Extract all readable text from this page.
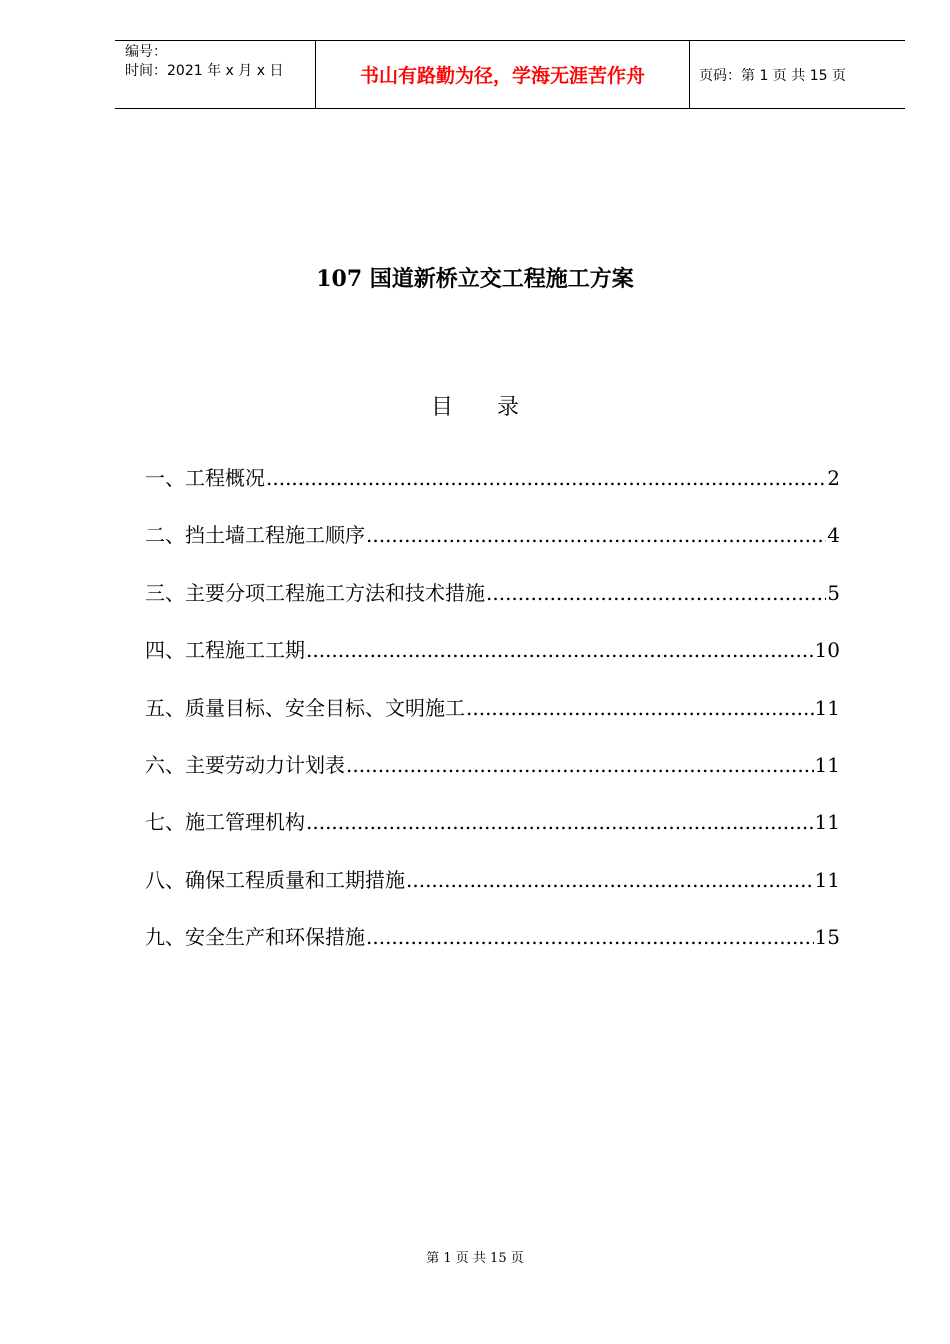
编号：
时间：2021 年 x 月 x 日	书山有路勤为径，学海无涯苦作舟	页码：第 1 页 共 15 页
107 国道新桥立交工程施工方案
目 录
一、工程概况 .....	2
二、挡土墙工程施工顺序 .....	4
三、主要分项工程施工方法和技术措施 .....	5
四、工程施工工期 .....	10
五、质量目标、安全目标、文明施工 .....	11
六、主要劳动力计划表 .....	11
七、施工管理机构 .....	11
八、确保工程质量和工期措施 .....	11
九、安全生产和环保措施 .....	15
第 1 页 共 15 页
